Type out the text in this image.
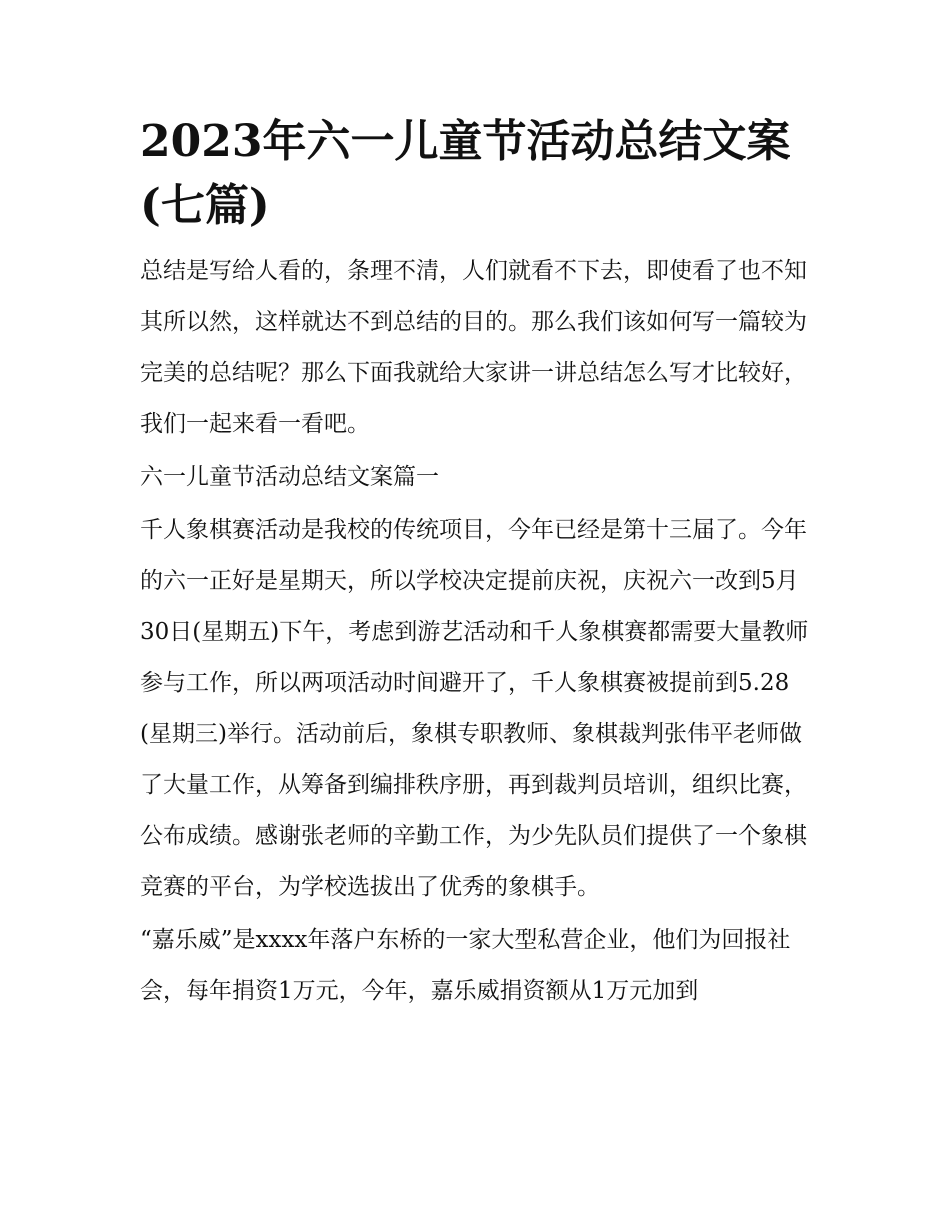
2023年六一儿童节活动总结文案(七篇)

总结是写给人看的，条理不清，人们就看不下去，即使看了也不知其所以然，这样就达不到总结的目的。那么我们该如何写一篇较为完美的总结呢？那么下面我就给大家讲一讲总结怎么写才比较好，我们一起来看一看吧。

六一儿童节活动总结文案篇一

千人象棋赛活动是我校的传统项目，今年已经是第十三届了。今年的六一正好是星期天，所以学校决定提前庆祝，庆祝六一改到5月30日(星期五)下午，考虑到游艺活动和千人象棋赛都需要大量教师参与工作，所以两项活动时间避开了，千人象棋赛被提前到5.28(星期三)举行。活动前后，象棋专职教师、象棋裁判张伟平老师做了大量工作，从筹备到编排秩序册，再到裁判员培训，组织比赛，公布成绩。感谢张老师的辛勤工作，为少先队员们提供了一个象棋竞赛的平台，为学校选拔出了优秀的象棋手。

“嘉乐威”是xxxx年落户东桥的一家大型私营企业，他们为回报社会，每年捐资1万元，今年，嘉乐威捐资额从1万元加到
